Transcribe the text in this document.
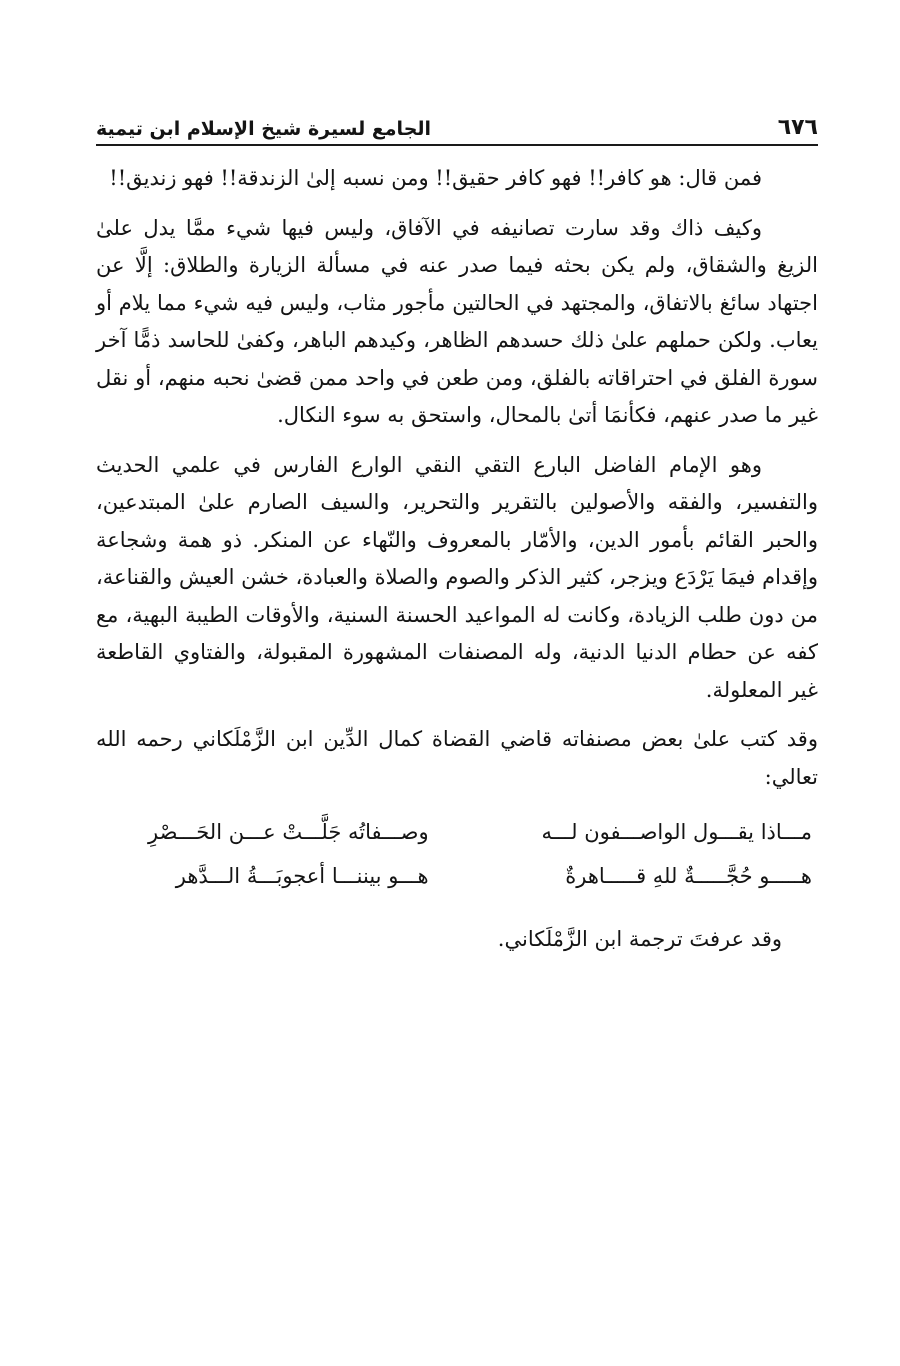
٦٧٦
الجامع لسيرة شيخ الإسلام ابن تيمية

فمن قال: هو كافر!! فهو كافر حقيق!! ومن نسبه إلىٰ الزندقة!! فهو زنديق!!

وكيف ذاك وقد سارت تصانيفه في الآفاق، وليس فيها شيء ممَّا يدل علىٰ الزيغ والشقاق، ولم يكن بحثه فيما صدر عنه في مسألة الزيارة والطلاق: إلَّا عن اجتهاد سائغ بالاتفاق، والمجتهد في الحالتين مأجور مثاب، وليس فيه شيء مما يلام أو يعاب. ولكن حملهم علىٰ ذلك حسدهم الظاهر، وكيدهم الباهر، وكفىٰ للحاسد ذمًّا آخر سورة الفلق في احتراقاته بالفلق، ومن طعن في واحد ممن قضىٰ نحبه منهم، أو نقل غير ما صدر عنهم، فكأنمَا أتىٰ بالمحال، واستحق به سوء النكال.

وهو الإمام الفاضل البارع التقي النقي الوارع الفارس في علمي الحديث والتفسير، والفقه والأصولين بالتقرير والتحرير، والسيف الصارم علىٰ المبتدعين، والحبر القائم بأمور الدين، والأمّار بالمعروف والنّهاء عن المنكر. ذو همة وشجاعة وإقدام فيمَا يَرْدَع ويزجر، كثير الذكر والصوم والصلاة والعبادة، خشن العيش والقناعة، من دون طلب الزيادة، وكانت له المواعيد الحسنة السنية، والأوقات الطيبة البهية، مع كفه عن حطام الدنيا الدنية، وله المصنفات المشهورة المقبولة، والفتاوي القاطعة غير المعلولة.

وقد كتب علىٰ بعض مصنفاته قاضي القضاة كمال الدِّين ابن الزَّمْلَكاني رحمه الله تعالي:

مـــاذا يقـــول الواصـــفون لـــه
وصـــفاتُه جَلَّـــتْ عـــن الحَـــصْرِ
هـــــو حُجَّـــــةٌ للهِ قـــــاهرةٌ
هـــو بيننـــا أعجوبَـــةُ الـــدَّهر
وقد عرفتَ ترجمة ابن الزَّمْلَكاني.
